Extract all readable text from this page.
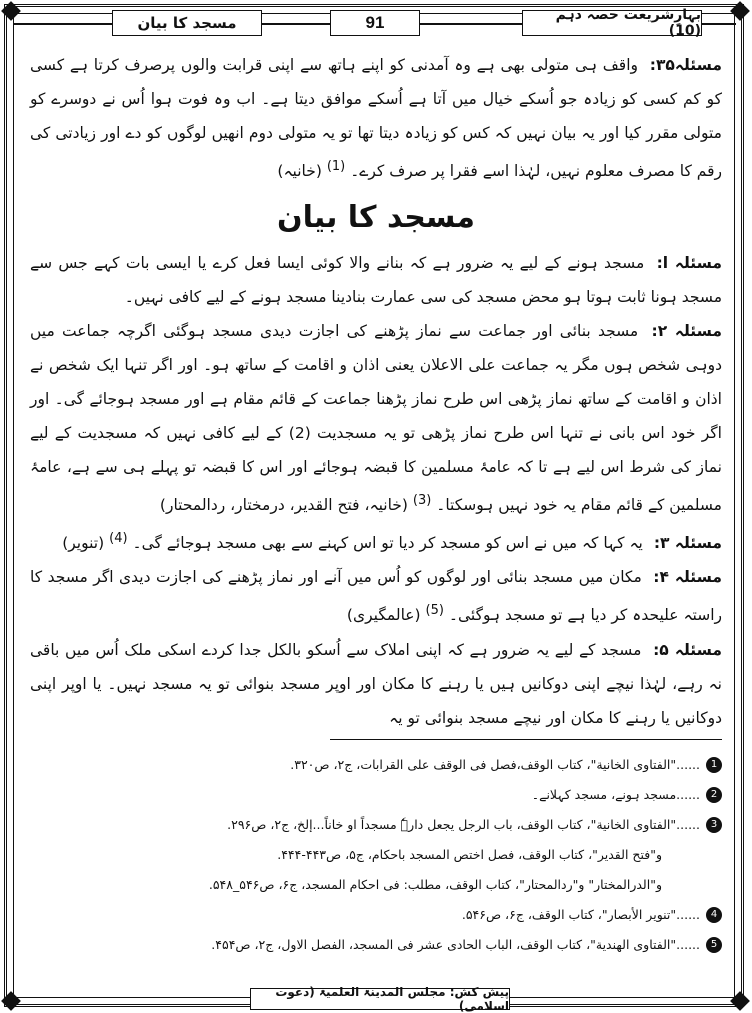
مسجد کا بیان	91	بہارِشریعت حصہ دہم (10)

مسئلہ۳۵: واقف ہی متولی بھی ہے وہ آمدنی کو اپنے ہاتھ سے اپنی قرابت والوں پرصرف کرتا ہے کسی کو کم کسی کو زیادہ جو اُسکے خیال میں آتا ہے اُسکے موافق دیتا ہے۔ اب وہ فوت ہوا اُس نے دوسرے کو متولی مقرر کیا اور یہ بیان نہیں کہ کس کو زیادہ دیتا تھا تو یہ متولی دوم انھیں لوگوں کو دے اور زیادتی کی رقم کا مصرف معلوم نہیں، لہٰذا اسے فقرا پر صرف کرے۔ $^{(1)}$ (خانیہ)

مسجد کا بیان

مسئلہ ا: مسجد ہونے کے لیے یہ ضرور ہے کہ بنانے والا کوئی ایسا فعل کرے یا ایسی بات کہے جس سے مسجد ہونا ثابت ہوتا ہو محض مسجد کی سی عمارت بنادینا مسجد ہونے کے لیے کافی نہیں۔

مسئلہ ۲: مسجد بنائی اور جماعت سے نماز پڑھنے کی اجازت دیدی مسجد ہوگئی اگرچہ جماعت میں دوہی شخص ہوں مگر یہ جماعت علی الاعلان یعنی اذان و اقامت کے ساتھ ہو۔ اور اگر تنہا ایک شخص نے اذان و اقامت کے ساتھ نماز پڑھی اس طرح نماز پڑھنا جماعت کے قائم مقام ہے اور مسجد ہوجائے گی۔ اور اگر خود اس بانی نے تنہا اس طرح نماز پڑھی تو یہ مسجدیت (2) کے لیے کافی نہیں کہ مسجدیت کے لیے نماز کی شرط اس لیے ہے تا کہ عامۂ مسلمین کا قبضہ ہوجائے اور اس کا قبضہ تو پہلے ہی سے ہے، عامۂ مسلمین کے قائم مقام یہ خود نہیں ہوسکتا۔ $^{(3)}$ (خانیہ، فتح القدیر، درمختار، ردالمحتار)

مسئلہ ۳: یہ کہا کہ میں نے اس کو مسجد کر دیا تو اس کہنے سے بھی مسجد ہوجائے گی۔ $^{(4)}$ (تنویر)

مسئلہ ۴: مکان میں مسجد بنائی اور لوگوں کو اُس میں آنے اور نماز پڑھنے کی اجازت دیدی اگر مسجد کا راستہ علیحدہ کر دیا ہے تو مسجد ہوگئی۔ $^{(5)}$ (عالمگیری)

مسئلہ ۵: مسجد کے لیے یہ ضرور ہے کہ اپنی املاک سے اُسکو بالکل جدا کردے اسکی ملک اُس میں باقی نہ رہے، لہٰذا نیچے اپنی دوکانیں ہیں یا رہنے کا مکان اور اوپر مسجد بنوائی تو یہ مسجد نہیں۔ یا اوپر اپنی دوکانیں یا رہنے کا مکان اور نیچے مسجد بنوائی تو یہ

1
......"الفتاوی الخانیة"، کتاب الوقف،فصل فی الوقف علی القرابات، ج۲، ص۳۲۰.

2
......مسجد ہونے، مسجد کہلانے۔

3
......"الفتاوی الخانیة"، کتاب الوقف، باب الرجل یجعل دارہٗ مسجداً او خاناً...إلخ، ج۲، ص۲۹۶.

و"فتح القدیر"، کتاب الوقف، فصل اختص المسجد باحکام، ج۵، ص۴۴۳-۴۴۴.

و"الدرالمختار" و"ردالمحتار"، کتاب الوقف، مطلب: فی احکام المسجد، ج۶، ص۵۴۶_۵۴۸.

4
......"تنویر الأبصار"، کتاب الوقف، ج۶، ص۵۴۶.

5
......"الفتاوی الھندیة"، کتاب الوقف، الباب الحادی عشر فی المسجد، الفصل الاول، ج۲، ص۴۵۴.

پیش کش: مجلس المدینۃ العلمیۃ (دعوت اسلامی)
